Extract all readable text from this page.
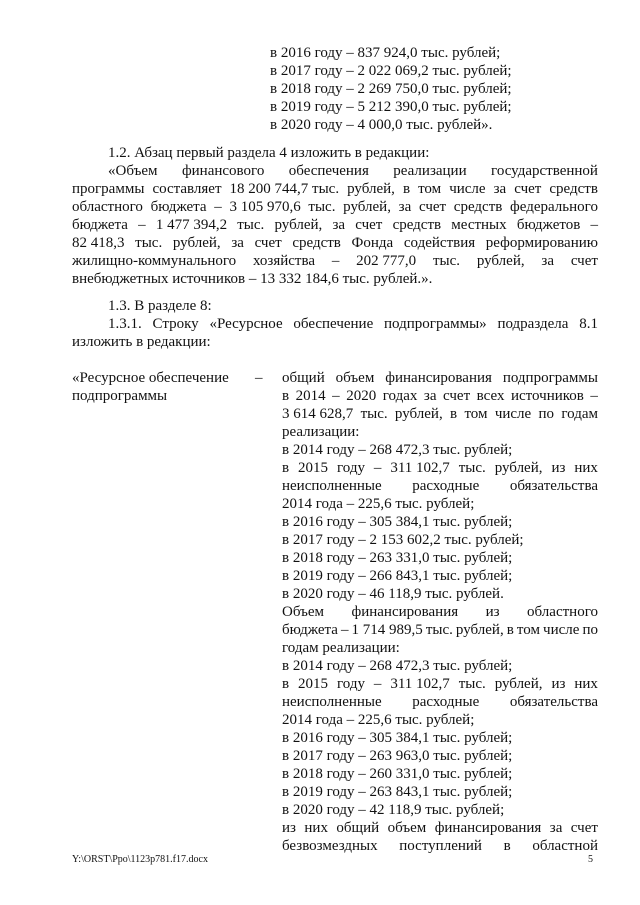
в 2016 году – 837 924,0 тыс. рублей;
в 2017 году – 2 022 069,2 тыс. рублей;
в 2018 году – 2 269 750,0 тыс. рублей;
в 2019 году – 5 212 390,0 тыс. рублей;
в 2020 году – 4 000,0 тыс. рублей».
1.2. Абзац первый раздела 4 изложить в редакции:
«Объем финансового обеспечения реализации государственной
программы составляет 18 200 744,7 тыс. рублей, в том числе за счет средств
областного бюджета – 3 105 970,6 тыс. рублей, за счет средств федерального
бюджета – 1 477 394,2 тыс. рублей, за счет средств местных бюджетов –
82 418,3 тыс. рублей, за счет средств Фонда содействия реформированию
жилищно-коммунального хозяйства – 202 777,0 тыс. рублей, за счет
внебюджетных источников – 13 332 184,6 тыс. рублей.».
1.3. В разделе 8:
1.3.1. Строку «Ресурсное обеспечение подпрограммы» подраздела 8.1
изложить в редакции:
«Ресурсное обеспечение
подпрограммы
– общий объем финансирования подпрограммы
в 2014 – 2020 годах за счет всех источников –
3 614 628,7 тыс. рублей, в том числе по годам
реализации:
в 2014 году – 268 472,3 тыс. рублей;
в 2015 году – 311 102,7 тыс. рублей, из них
неисполненные расходные обязательства
2014 года – 225,6 тыс. рублей;
в 2016 году – 305 384,1 тыс. рублей;
в 2017 году – 2 153 602,2 тыс. рублей;
в 2018 году – 263 331,0 тыс. рублей;
в 2019 году – 266 843,1 тыс. рублей;
в 2020 году – 46 118,9 тыс. рублей.
Объем финансирования из областного
бюджета – 1 714 989,5 тыс. рублей, в том числе по
годам реализации:
в 2014 году – 268 472,3 тыс. рублей;
в 2015 году – 311 102,7 тыс. рублей, из них
неисполненные расходные обязательства
2014 года – 225,6 тыс. рублей;
в 2016 году – 305 384,1 тыс. рублей;
в 2017 году – 263 963,0 тыс. рублей;
в 2018 году – 260 331,0 тыс. рублей;
в 2019 году – 263 843,1 тыс. рублей;
в 2020 году – 42 118,9 тыс. рублей;
из них общий объем финансирования за счет
безвозмездных поступлений в областной
Y:\ORST\Ppo\1123p781.f17.docx	5
